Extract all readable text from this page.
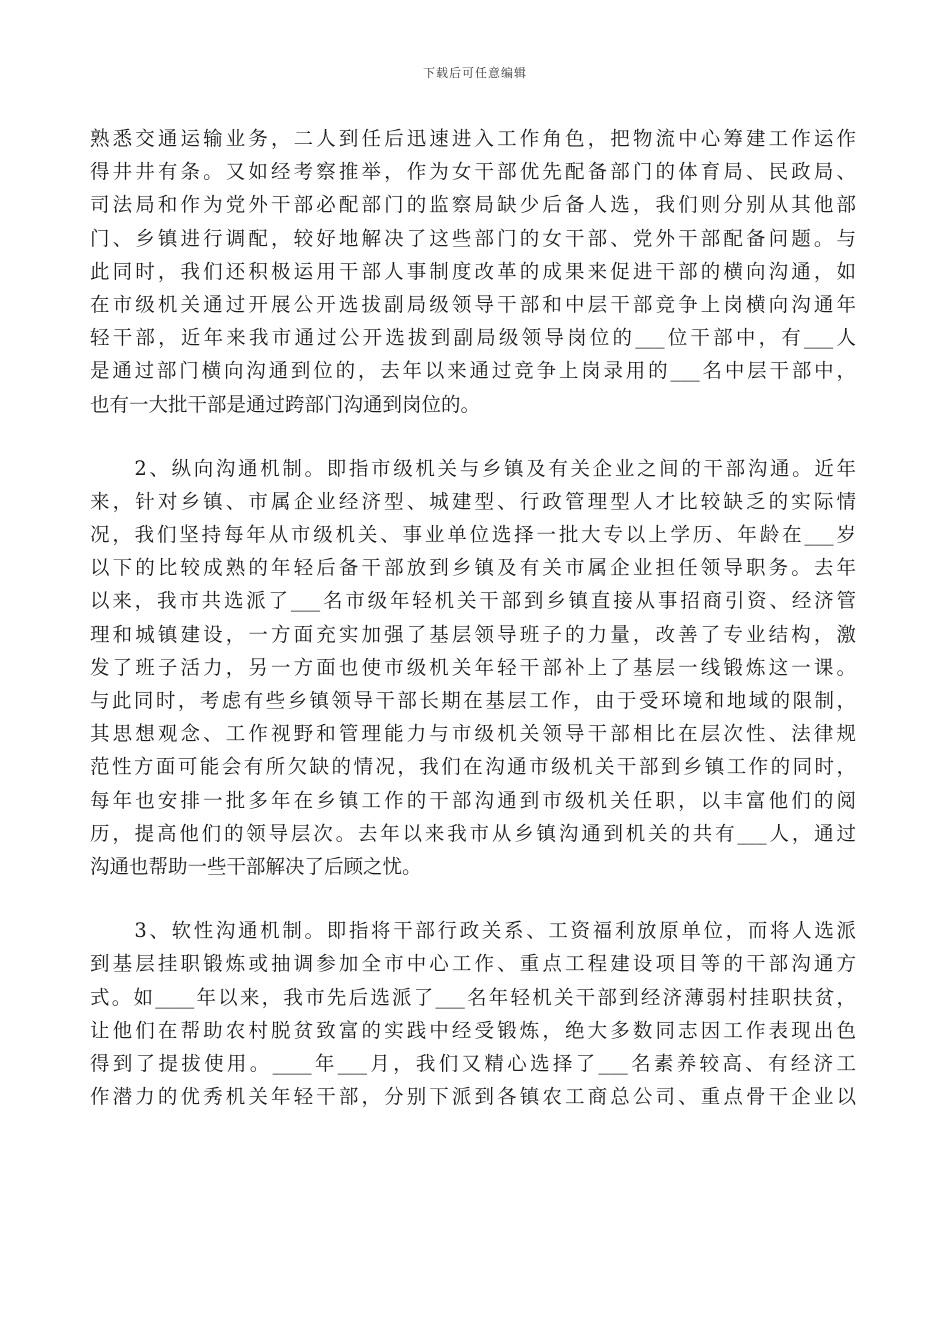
下载后可任意编辑
熟悉交通运输业务，二人到任后迅速进入工作角色，把物流中心筹建工作运作
得井井有条。又如经考察推举，作为女干部优先配备部门的体育局、民政局、
司法局和作为党外干部必配部门的监察局缺少后备人选，我们则分别从其他部
门、乡镇进行调配，较好地解决了这些部门的女干部、党外干部配备问题。与
此同时，我们还积极运用干部人事制度改革的成果来促进干部的横向沟通，如
在市级机关通过开展公开选拔副局级领导干部和中层干部竞争上岗横向沟通年
轻干部，近年来我市通过公开选拔到副局级领导岗位的___位干部中，有___人
是通过部门横向沟通到位的，去年以来通过竞争上岗录用的___名中层干部中，
也有一大批干部是通过跨部门沟通到岗位的。
　　2、纵向沟通机制。即指市级机关与乡镇及有关企业之间的干部沟通。近年
来，针对乡镇、市属企业经济型、城建型、行政管理型人才比较缺乏的实际情
况，我们坚持每年从市级机关、事业单位选择一批大专以上学历、年龄在___岁
以下的比较成熟的年轻后备干部放到乡镇及有关市属企业担任领导职务。去年
以来，我市共选派了___名市级年轻机关干部到乡镇直接从事招商引资、经济管
理和城镇建设，一方面充实加强了基层领导班子的力量，改善了专业结构，激
发了班子活力，另一方面也使市级机关年轻干部补上了基层一线锻炼这一课。
与此同时，考虑有些乡镇领导干部长期在基层工作，由于受环境和地域的限制，
其思想观念、工作视野和管理能力与市级机关领导干部相比在层次性、法律规
范性方面可能会有所欠缺的情况，我们在沟通市级机关干部到乡镇工作的同时，
每年也安排一批多年在乡镇工作的干部沟通到市级机关任职，以丰富他们的阅
历，提高他们的领导层次。去年以来我市从乡镇沟通到机关的共有___人，通过
沟通也帮助一些干部解决了后顾之忧。
　　3、软性沟通机制。即指将干部行政关系、工资福利放原单位，而将人选派
到基层挂职锻炼或抽调参加全市中心工作、重点工程建设项目等的干部沟通方
式。如____年以来，我市先后选派了___名年轻机关干部到经济薄弱村挂职扶贫，
让他们在帮助农村脱贫致富的实践中经受锻炼，绝大多数同志因工作表现出色
得到了提拔使用。____年___月，我们又精心选择了___名素养较高、有经济工
作潜力的优秀机关年轻干部，分别下派到各镇农工商总公司、重点骨干企业以
